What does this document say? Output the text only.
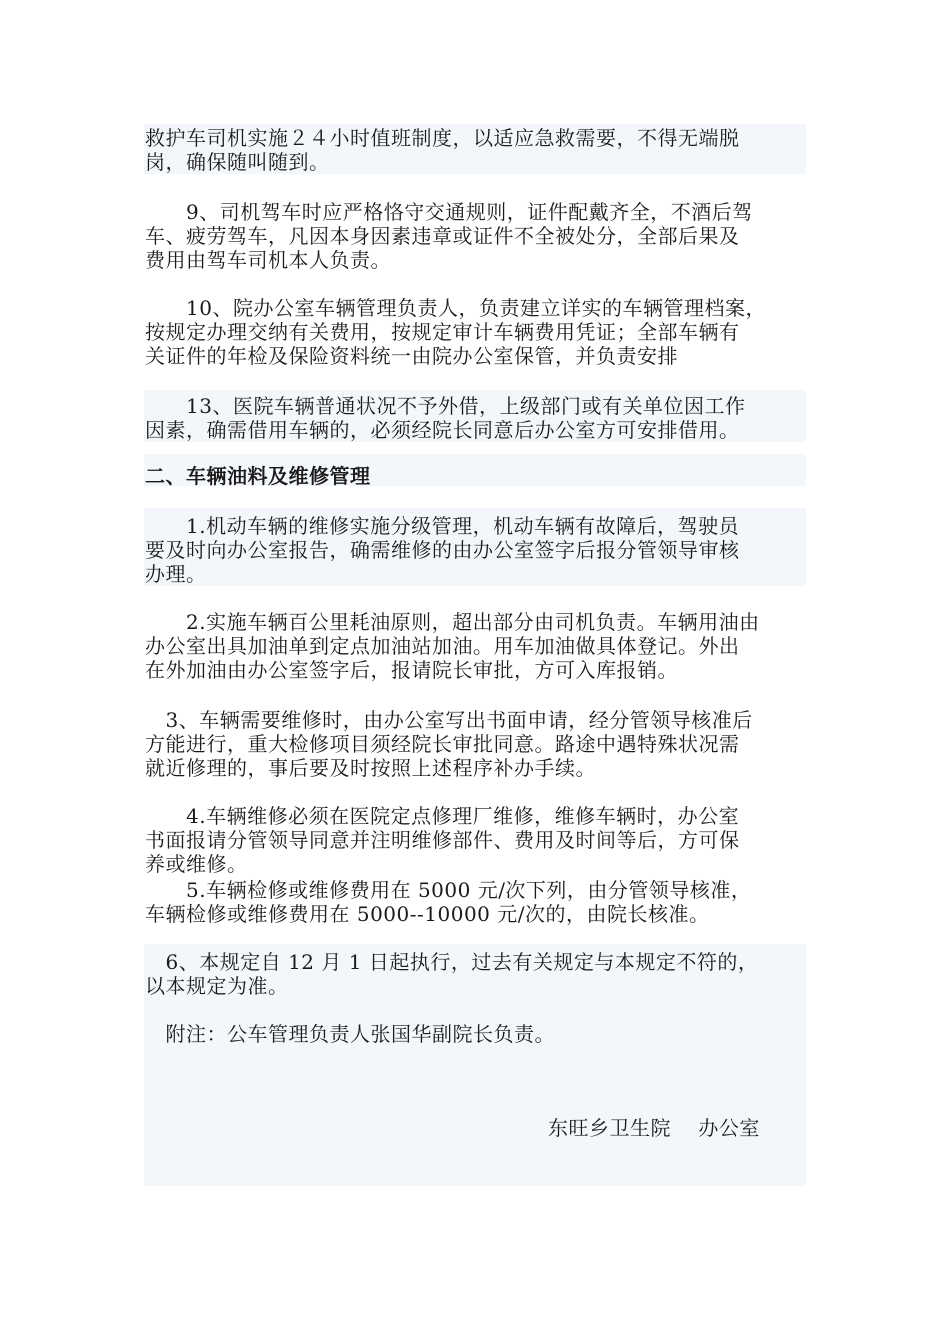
救护车司机实施２４小时值班制度，以适应急救需要，不得无端脱
岗，确保随叫随到。
　　9、司机驾车时应严格恪守交通规则，证件配戴齐全，不酒后驾
车、疲劳驾车，凡因本身因素违章或证件不全被处分，全部后果及
费用由驾车司机本人负责。
　　10、院办公室车辆管理负责人，负责建立详实的车辆管理档案，
按规定办理交纳有关费用，按规定审计车辆费用凭证；全部车辆有
关证件的年检及保险资料统一由院办公室保管，并负责安排
　　13、医院车辆普通状况不予外借，上级部门或有关单位因工作
因素，确需借用车辆的，必须经院长同意后办公室方可安排借用。
二、车辆油料及维修管理
　　1.机动车辆的维修实施分级管理，机动车辆有故障后，驾驶员
要及时向办公室报告，确需维修的由办公室签字后报分管领导审核
办理。
　　2.实施车辆百公里耗油原则，超出部分由司机负责。车辆用油由
办公室出具加油单到定点加油站加油。用车加油做具体登记。外出
在外加油由办公室签字后，报请院长审批，方可入库报销。
　3、车辆需要维修时，由办公室写出书面申请，经分管领导核准后
方能进行，重大检修项目须经院长审批同意。路途中遇特殊状况需
就近修理的，事后要及时按照上述程序补办手续。
　　4.车辆维修必须在医院定点修理厂维修，维修车辆时，办公室
书面报请分管领导同意并注明维修部件、费用及时间等后，方可保
养或维修。
　　5.车辆检修或维修费用在 5000 元/次下列，由分管领导核准，
车辆检修或维修费用在 5000--10000 元/次的，由院长核准。
　6、本规定自 12 月 1 日起执行，过去有关规定与本规定不符的，
以本规定为准。
　附注：公车管理负责人张国华副院长负责。
东旺乡卫生院　 办公室
